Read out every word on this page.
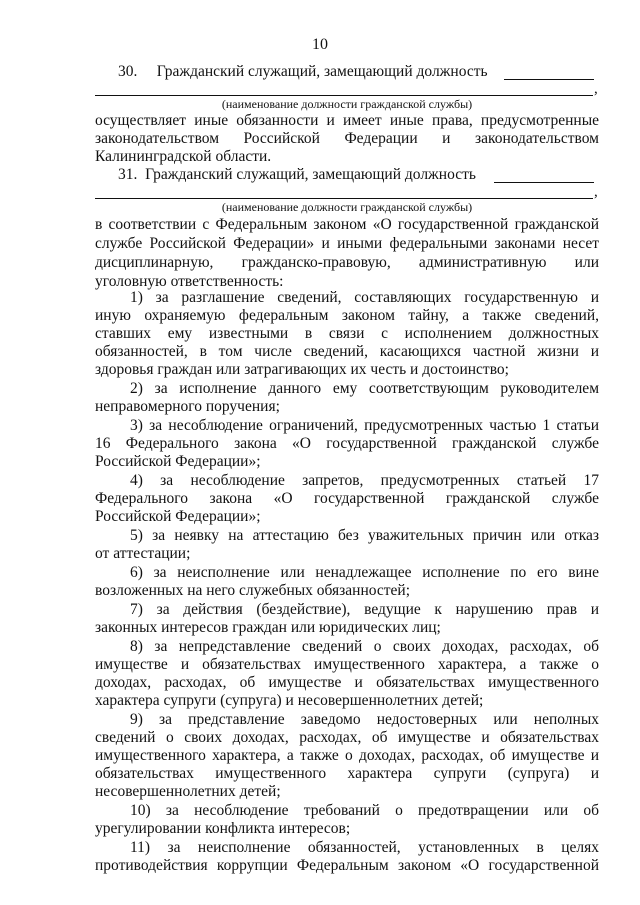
10
30.     Гражданский служащий, замещающий должность
,
(наименование должности гражданской службы)
осуществляет иные обязанности и имеет иные права, предусмотренные
законодательством Российской Федерации и законодательством
Калининградской области.
31.  Гражданский служащий, замещающий должность
,
(наименование должности гражданской службы)
в соответствии с Федеральным законом «О государственной гражданской
службе Российской Федерации» и иными федеральными законами несет
дисциплинарную, гражданско-правовую, административную или
уголовную ответственность:
1) за разглашение сведений, составляющих государственную и
иную охраняемую федеральным законом тайну, а также сведений,
ставших ему известными в связи с исполнением должностных
обязанностей, в том числе сведений, касающихся частной жизни и
здоровья граждан или затрагивающих их честь и достоинство;
2) за исполнение данного ему соответствующим руководителем
неправомерного поручения;
3) за несоблюдение ограничений, предусмотренных частью 1 статьи
16 Федерального закона «О государственной гражданской службе
Российской Федерации»;
4) за несоблюдение запретов, предусмотренных статьей 17
Федерального закона «О государственной гражданской службе
Российской Федерации»;
5) за неявку на аттестацию без уважительных причин или отказ
от аттестации;
6) за неисполнение или ненадлежащее исполнение по его вине
возложенных на него служебных обязанностей;
7) за действия (бездействие), ведущие к нарушению прав и
законных интересов граждан или юридических лиц;
8) за непредставление сведений о своих доходах, расходах, об
имуществе и обязательствах имущественного характера, а также о
доходах, расходах, об имуществе и обязательствах имущественного
характера супруги (супруга) и несовершеннолетних детей;
9) за представление заведомо недостоверных или неполных
сведений о своих доходах, расходах, об имуществе и обязательствах
имущественного характера, а также о доходах, расходах, об имуществе и
обязательствах имущественного характера супруги (супруга) и
несовершеннолетних детей;
10) за несоблюдение требований о предотвращении или об
урегулировании конфликта интересов;
11) за неисполнение обязанностей, установленных в целях
противодействия коррупции Федеральным законом «О государственной
